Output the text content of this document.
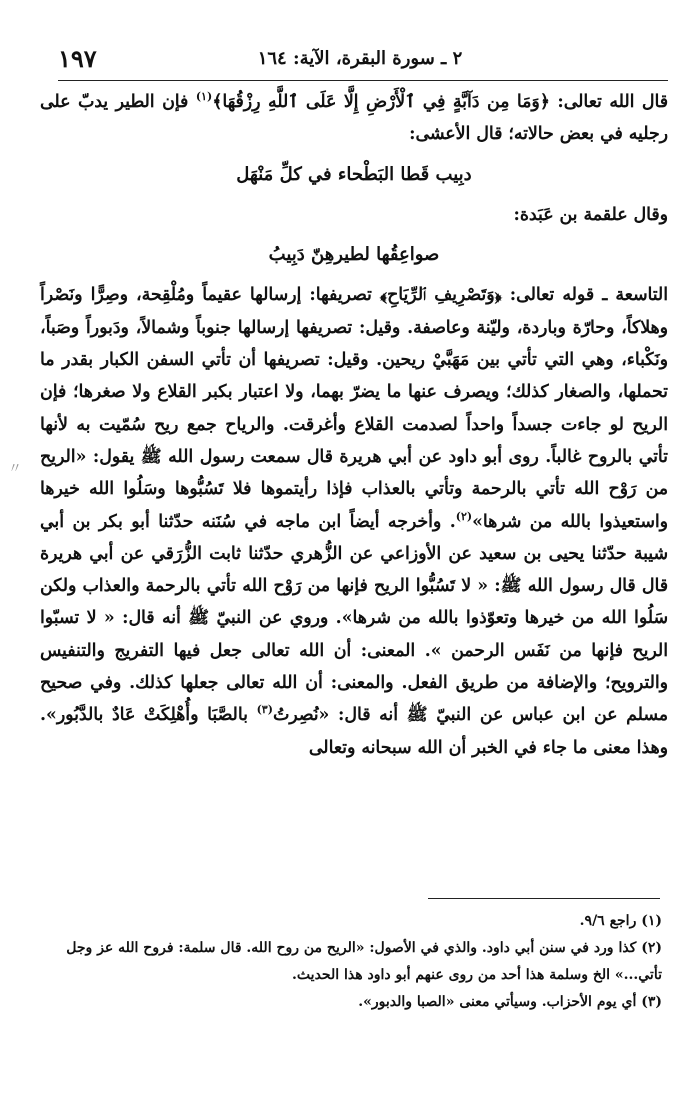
١٩٧	٢ ـ سورة البقرة، الآية: ١٦٤
〃

قال الله تعالى: ﴿وَمَا مِن دَآبَّةٍ فِي ٱلْأَرْضِ إِلَّا عَلَى ٱللَّهِ رِزْقُهَا﴾$^{(١)}$ فإن الطير يدبّ على رجليه في بعض حالاته؛ قال الأعشى:

دبِيب قَطا البَطْحاء في كلِّ مَنْهَل

وقال علقمة بن عَبَدة:

صواعِقُها لطيرهِنّ دَبِيبُ

التاسعة ـ قوله تعالى: ﴿وَتَصْرِيفِ ٱلرِّيَاحِ﴾ تصريفها: إرسالها عقيماً ومُلْقِحة، وصِرًّا ونَصْراً وهلاكاً، وحارّة وباردة، وليّنة وعاصفة. وقيل: تصريفها إرسالها جنوباً وشمالاً، ودَبوراً وصَباً، ونَكْباء، وهي التي تأتي بين مَهَبَّيْ ريحين. وقيل: تصريفها أن تأتي السفن الكبار بقدر ما تحملها، والصغار كذلك؛ ويصرف عنها ما يضرّ بهما، ولا اعتبار بكبر القلاع ولا صغرها؛ فإن الريح لو جاءت جسداً واحداً لصدمت القلاع وأغرقت. والرياح جمع ريح سُمّيت به لأنها تأتي بالروح غالباً. روى أبو داود عن أبي هريرة قال سمعت رسول الله ﷺ يقول: «الريح من رَوْح الله تأتي بالرحمة وتأتي بالعذاب فإذا رأيتموها فلا تَسُبُّوها وسَلُوا الله خيرها واستعيذوا بالله من شرها»$^{(٢)}$. وأخرجه أيضاً ابن ماجه في سُنَنه حدّثنا أبو بكر بن أبي شيبة حدّثنا يحيى بن سعيد عن الأوزاعي عن الزُّهري حدّثنا ثابت الزُّرَقي عن أبي هريرة قال قال رسول الله ﷺ: « لا تَسُبُّوا الريح فإنها من رَوْح الله تأتي بالرحمة والعذاب ولكن سَلُوا الله من خيرها وتعوّذوا بالله من شرها». وروي عن النبيّ ﷺ أنه قال: « لا تسبّوا الريح فإنها من نَفَس الرحمن ». المعنى: أن الله تعالى جعل فيها التفريج والتنفيس والترويح؛ والإضافة من طريق الفعل. والمعنى: أن الله تعالى جعلها كذلك. وفي صحيح مسلم عن ابن عباس عن النبيّ ﷺ أنه قال: «نُصِرتُ$^{(٣)}$ بالصَّبَا وأُهْلِكَتْ عَادٌ بالدَّبُور». وهذا معنى ما جاء في الخبر أن الله سبحانه وتعالى

(١) راجع ٩/٦.

(٢) كذا ورد في سنن أبي داود. والذي في الأصول: «الريح من روح الله. قال سلمة: فروح الله عز وجل تأتي...» الخ وسلمة هذا أحد من روى عنهم أبو داود هذا الحديث.

(٣) أي يوم الأحزاب. وسيأتي معنى «الصبا والدبور».
